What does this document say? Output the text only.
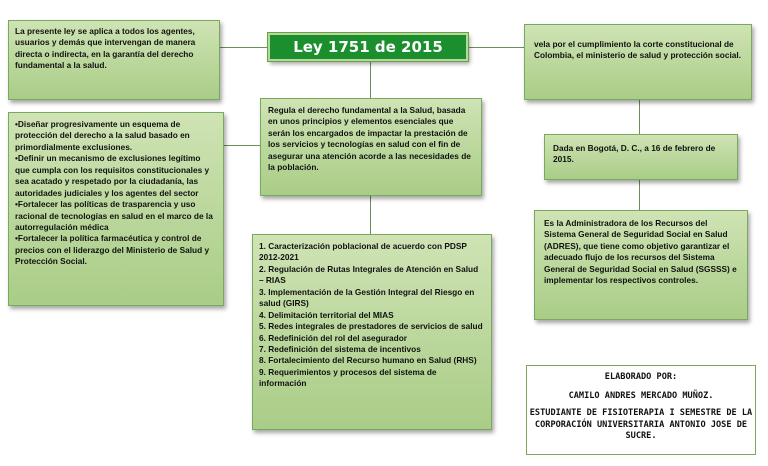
Ley 1751 de 2015
La presente ley se aplica a todos los agentes, usuarios y demás que intervengan de manera directa o indirecta, en la garantía del derecho fundamental a la salud.
vela por el cumplimiento la corte constitucional de Colombia, el ministerio de salud y protección social.
Regula el derecho fundamental a la Salud, basada en unos principios y elementos esenciales que serán los encargados de impactar la prestación de los servicios y tecnologías en salud con el fin de asegurar una atención acorde a las necesidades de la población.
•Diseñar progresivamente un esquema de protección del derecho a la salud basado en primordialmente exclusiones.
•Definir un mecanismo de exclusiones legítimo que cumpla con los requisitos constitucionales y sea acatado y respetado por la ciudadanía, las autoridades judiciales y los agentes del sector
•Fortalecer las políticas de trasparencia y uso racional de tecnologías en salud en el marco de la autorregulación médica
•Fortalecer la política farmacéutica y control de precios con el liderazgo del Ministerio de Salud y Protección Social.
Dada en Bogotá, D. C., a 16 de febrero de 2015.
Es la Administradora de los Recursos del Sistema General de Seguridad Social en Salud (ADRES), que tiene como objetivo garantizar el adecuado flujo de los recursos del Sistema General de Seguridad Social en Salud (SGSSS) e implementar los respectivos controles.
1. Caracterización poblacional de acuerdo con PDSP 2012-2021
2. Regulación de Rutas Integrales de Atención en Salud – RIAS
3. Implementación de la Gestión Integral del Riesgo en salud (GIRS)
4. Delimitación territorial del MIAS
5. Redes integrales de prestadores de servicios de salud
6. Redefinición del rol del asegurador
7. Redefinición del sistema de incentivos
8. Fortalecimiento del Recurso humano en Salud (RHS)
9. Requerimientos y procesos del sistema de información
ELABORADO POR:
CAMILO ANDRES MERCADO MUÑOZ.
ESTUDIANTE DE FISIOTERAPIA I SEMESTRE DE LA CORPORACIÓN UNIVERSITARIA ANTONIO JOSE DE SUCRE.
